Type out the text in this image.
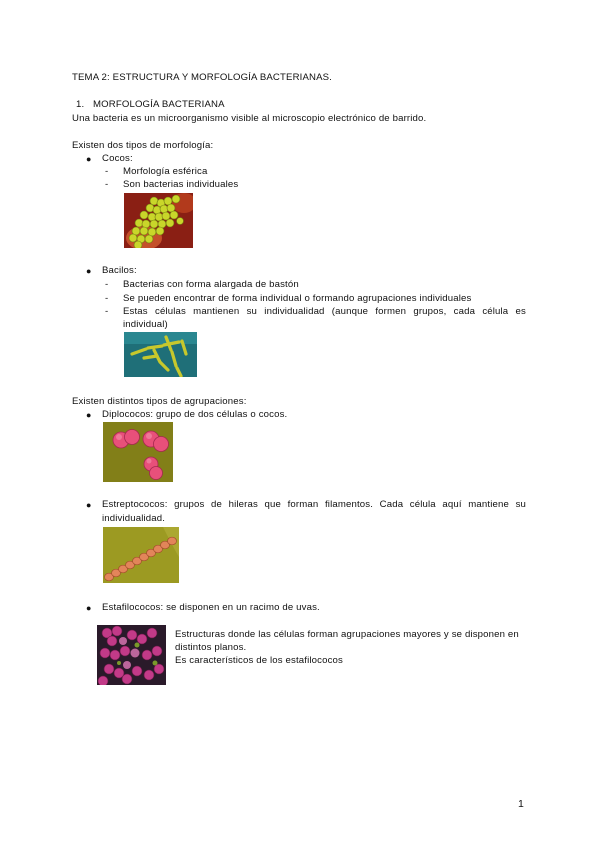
TEMA 2: ESTRUCTURA Y MORFOLOGÍA BACTERIANAS.
1. MORFOLOGÍA BACTERIANA
Una bacteria es un microorganismo visible al microscopio electrónico de barrido.
Existen dos tipos de morfología:
● Cocos:
- Morfología esférica
- Son bacterias individuales
● Bacilos:
- Bacterias con forma alargada de bastón
- Se pueden encontrar de forma individual o formando agrupaciones individuales
- Estas células mantienen su individualidad (aunque formen grupos, cada célula es
individual)
Existen distintos tipos de agrupaciones:
● Diplococos: grupo de dos células o cocos.
● Estreptococos: grupos de hileras que forman filamentos. Cada célula aquí mantiene su
individualidad.
● Estafilococos: se disponen en un racimo de uvas.
Estructuras donde las células forman agrupaciones mayores y se disponen en
distintos planos.
Es característicos de los estafilococos
1
